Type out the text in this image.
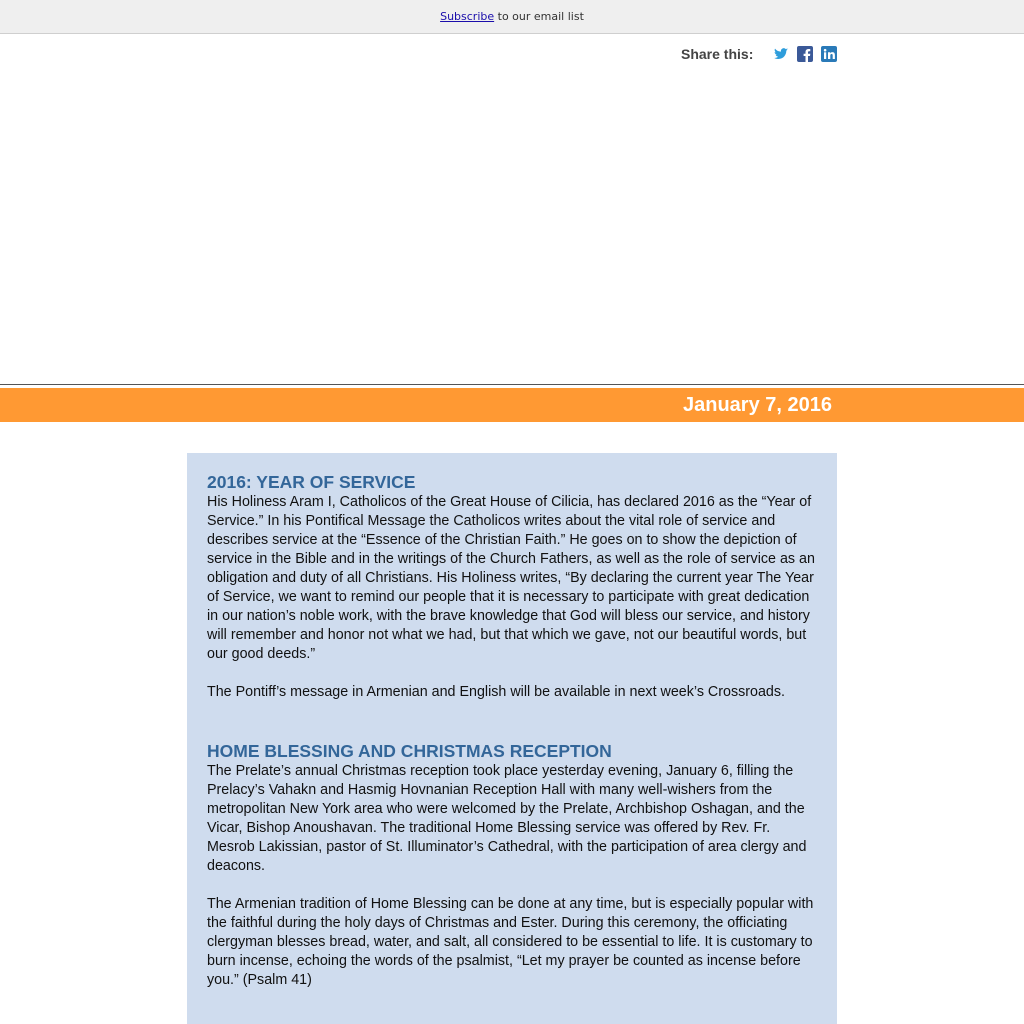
Subscribe to our email list
Share this:
January 7, 2016
2016: YEAR OF SERVICE

His Holiness Aram I, Catholicos of the Great House of Cilicia, has declared 2016 as the “Year of Service.” In his Pontifical Message the Catholicos writes about the vital role of service and describes service at the “Essence of the Christian Faith.” He goes on to show the depiction of service in the Bible and in the writings of the Church Fathers, as well as the role of service as an obligation and duty of all Christians. His Holiness writes, “By declaring the current year The Year of Service, we want to remind our people that it is necessary to participate with great dedication in our nation’s noble work, with the brave knowledge that God will bless our service, and history will remember and honor not what we had, but that which we gave, not our beautiful words, but our good deeds.”

The Pontiff’s message in Armenian and English will be available in next week’s Crossroads.

HOME BLESSING AND CHRISTMAS RECEPTION

The Prelate’s annual Christmas reception took place yesterday evening, January 6, filling the Prelacy’s Vahakn and Hasmig Hovnanian Reception Hall with many well-wishers from the metropolitan New York area who were welcomed by the Prelate, Archbishop Oshagan, and the Vicar, Bishop Anoushavan. The traditional Home Blessing service was offered by Rev. Fr. Mesrob Lakissian, pastor of St. Illuminator’s Cathedral, with the participation of area clergy and deacons.

The Armenian tradition of Home Blessing can be done at any time, but is especially popular with the faithful during the holy days of Christmas and Ester. During this ceremony, the officiating clergyman blesses bread, water, and salt, all considered to be essential to life. It is customary to burn incense, echoing the words of the psalmist, “Let my prayer be counted as incense before you.” (Psalm 41)
